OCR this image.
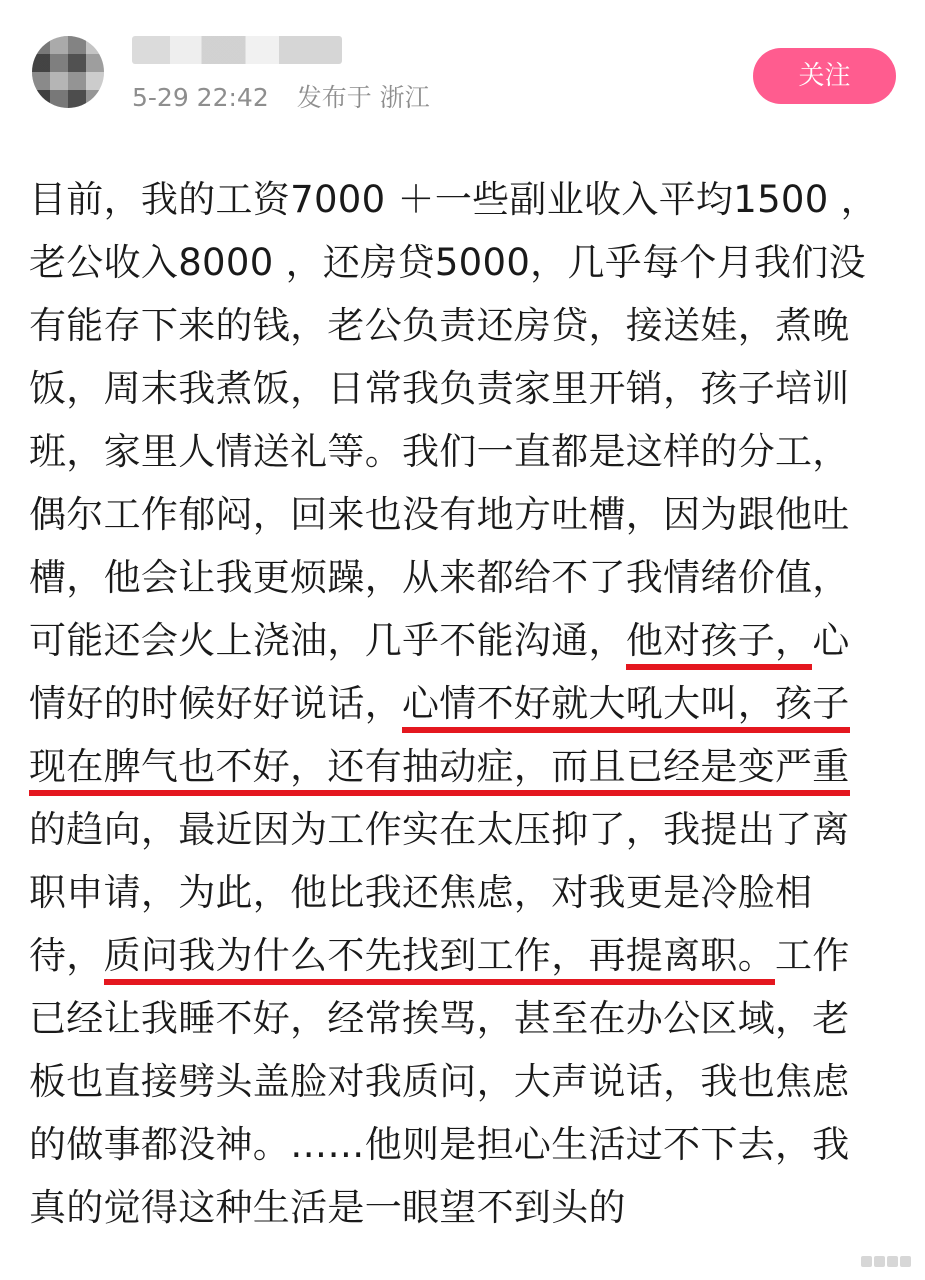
5-29 22:42 发布于 浙江
关注
目前，我的工资7000 ＋一些副业收入平均1500 ，
老公收入8000 ，还房贷5000，几乎每个月我们没
有能存下来的钱，老公负责还房贷，接送娃，煮晚
饭，周末我煮饭，日常我负责家里开销，孩子培训
班，家里人情送礼等。我们一直都是这样的分工，
偶尔工作郁闷，回来也没有地方吐槽，因为跟他吐
槽，他会让我更烦躁，从来都给不了我情绪价值，
可能还会火上浇油，几乎不能沟通，他对孩子，心
情好的时候好好说话，心情不好就大吼大叫，孩子
现在脾气也不好，还有抽动症，而且已经是变严重
的趋向，最近因为工作实在太压抑了，我提出了离
职申请，为此，他比我还焦虑，对我更是冷脸相
待，质问我为什么不先找到工作，再提离职。工作
已经让我睡不好，经常挨骂，甚至在办公区域，老
板也直接劈头盖脸对我质问，大声说话，我也焦虑
的做事都没神。……他则是担心生活过不下去，我
真的觉得这种生活是一眼望不到头的
